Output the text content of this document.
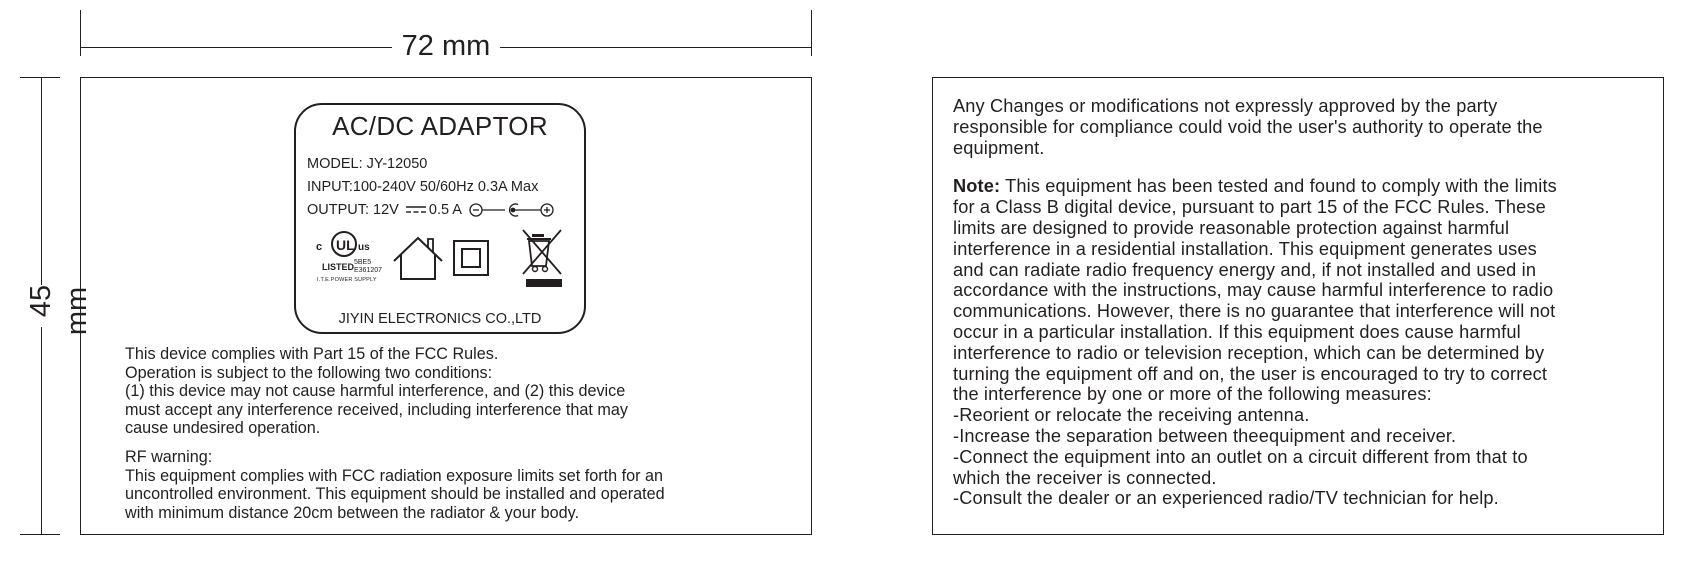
72 mm
45 mm
AC/DC ADAPTOR
MODEL: JY-12050
INPUT:100-240V 50/60Hz 0.3A Max
OUTPUT: 12V 0.5 A
c UL us
LISTED 5BE5
E361207
I.T.E.POWER SUPPLY
JIYIN ELECTRONICS CO.,LTD

This device complies with Part 15 of the FCC Rules.

Operation is subject to the following two conditions:

(1) this device may not cause harmful interference, and (2) this device

must accept any interference received, including interference that may

cause undesired operation.

RF warning:

This equipment complies with FCC radiation exposure limits set forth for an

uncontrolled environment. This equipment should be installed and operated

with minimum distance 20cm between the radiator & your body.

Any Changes or modifications not expressly approved by the party

responsible for compliance could void the user's authority to operate the

equipment.

Note: This equipment has been tested and found to comply with the limits

for a Class B digital device, pursuant to part 15 of the FCC Rules. These

limits are designed to provide reasonable protection against harmful

interference in a residential installation. This equipment generates uses

and can radiate radio frequency energy and, if not installed and used in

accordance with the instructions, may cause harmful interference to radio

communications. However, there is no guarantee that interference will not

occur in a particular installation. If this equipment does cause harmful

interference to radio or television reception, which can be determined by

turning the equipment off and on, the user is encouraged to try to correct

the interference by one or more of the following measures:

-Reorient or relocate the receiving antenna.

-Increase the separation between theequipment and receiver.

-Connect the equipment into an outlet on a circuit different from that to

which the receiver is connected.

-Consult the dealer or an experienced radio/TV technician for help.
